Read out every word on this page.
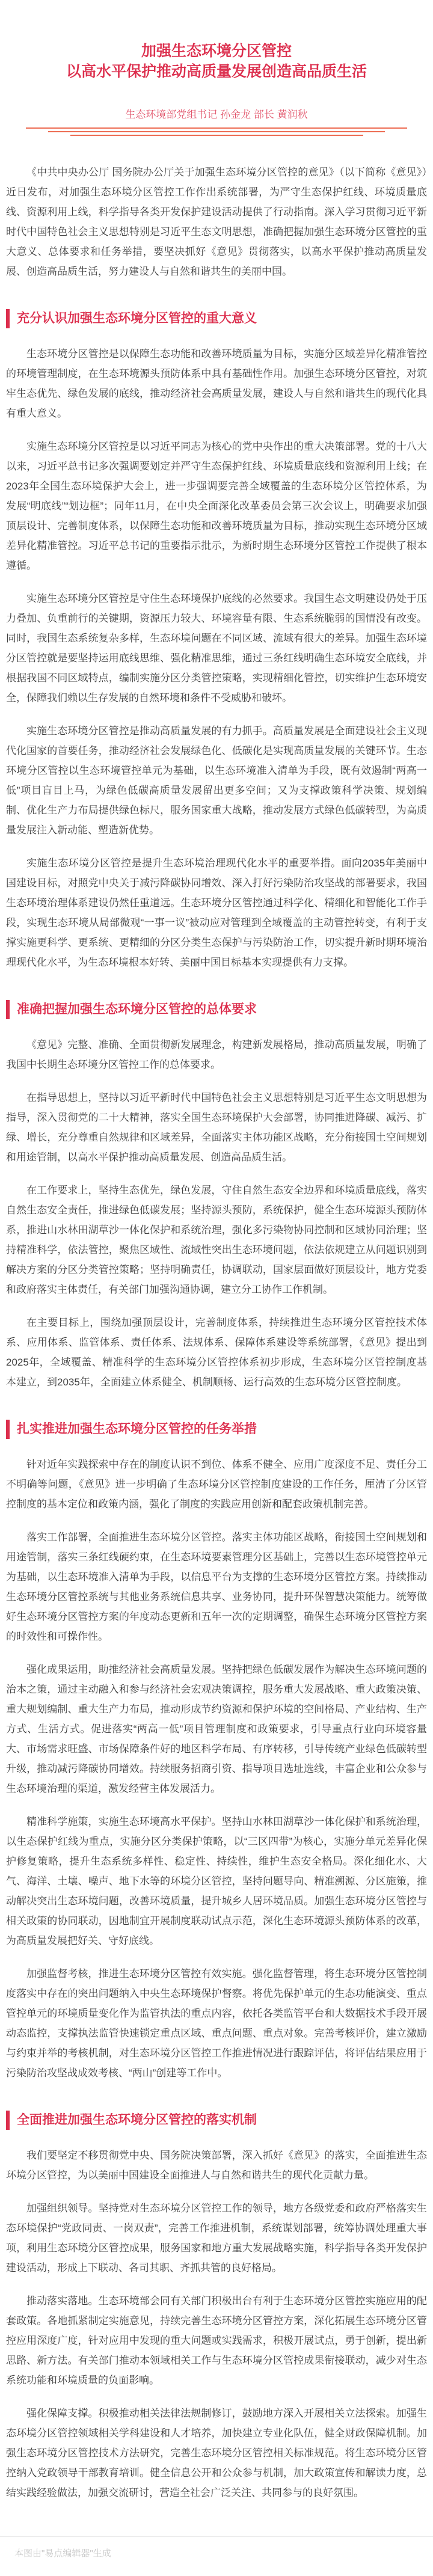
加强生态环境分区管控
以高水平保护推动高质量发展创造高品质生活
生态环境部党组书记 孙金龙 部长 黄润秋

《中共中央办公厅 国务院办公厅关于加强生态环境分区管控的意见》（以下简称《意见》）近日发布，对加强生态环境分区管控工作作出系统部署，为严守生态保护红线、环境质量底线、资源利用上线，科学指导各类开发保护建设活动提供了行动指南。深入学习贯彻习近平新时代中国特色社会主义思想特别是习近平生态文明思想，准确把握加强生态环境分区管控的重大意义、总体要求和任务举措，要坚决抓好《意见》贯彻落实，以高水平保护推动高质量发展、创造高品质生活，努力建设人与自然和谐共生的美丽中国。

充分认识加强生态环境分区管控的重大意义

生态环境分区管控是以保障生态功能和改善环境质量为目标，实施分区域差异化精准管控的环境管理制度，在生态环境源头预防体系中具有基础性作用。加强生态环境分区管控，对筑牢生态优先、绿色发展的底线，推动经济社会高质量发展，建设人与自然和谐共生的现代化具有重大意义。

实施生态环境分区管控是以习近平同志为核心的党中央作出的重大决策部署。党的十八大以来，习近平总书记多次强调要划定并严守生态保护红线、环境质量底线和资源利用上线；在2023年全国生态环境保护大会上，进一步强调要完善全域覆盖的生态环境分区管控体系，为发展“明底线”“划边框”；同年11月，在中央全面深化改革委员会第三次会议上，明确要求加强顶层设计、完善制度体系，以保障生态功能和改善环境质量为目标，推动实现生态环境分区域差异化精准管控。习近平总书记的重要指示批示，为新时期生态环境分区管控工作提供了根本遵循。

实施生态环境分区管控是守住生态环境保护底线的必然要求。我国生态文明建设仍处于压力叠加、负重前行的关键期，资源压力较大、环境容量有限、生态系统脆弱的国情没有改变。同时，我国生态系统复杂多样，生态环境问题在不同区域、流域有很大的差异。加强生态环境分区管控就是要坚持运用底线思维、强化精准思维，通过三条红线明确生态环境安全底线，并根据我国不同区域特点，编制实施分区分类管控策略，实现精细化管控，切实维护生态环境安全，保障我们赖以生存发展的自然环境和条件不受威胁和破坏。

实施生态环境分区管控是推动高质量发展的有力抓手。高质量发展是全面建设社会主义现代化国家的首要任务，推动经济社会发展绿色化、低碳化是实现高质量发展的关键环节。生态环境分区管控以生态环境管控单元为基础，以生态环境准入清单为手段，既有效遏制“两高一低”项目盲目上马，为绿色低碳高质量发展留出更多空间；又为支撑政策科学决策、规划编制、优化生产力布局提供绿色标尺，服务国家重大战略，推动发展方式绿色低碳转型，为高质量发展注入新动能、塑造新优势。

实施生态环境分区管控是提升生态环境治理现代化水平的重要举措。面向2035年美丽中国建设目标，对照党中央关于减污降碳协同增效、深入打好污染防治攻坚战的部署要求，我国生态环境治理体系建设仍然任重道远。生态环境分区管控通过科学化、精细化和智能化工作手段，实现生态环境从局部微观“一事一议”被动应对管理到全域覆盖的主动管控转变，有利于支撑实施更科学、更系统、更精细的分区分类生态保护与污染防治工作，切实提升新时期环境治理现代化水平，为生态环境根本好转、美丽中国目标基本实现提供有力支撑。

准确把握加强生态环境分区管控的总体要求

《意见》完整、准确、全面贯彻新发展理念，构建新发展格局，推动高质量发展，明确了我国中长期生态环境分区管控工作的总体要求。

在指导思想上，坚持以习近平新时代中国特色社会主义思想特别是习近平生态文明思想为指导，深入贯彻党的二十大精神，落实全国生态环境保护大会部署，协同推进降碳、减污、扩绿、增长，充分尊重自然规律和区域差异，全面落实主体功能区战略，充分衔接国土空间规划和用途管制，以高水平保护推动高质量发展、创造高品质生活。

在工作要求上，坚持生态优先，绿色发展，守住自然生态安全边界和环境质量底线，落实自然生态安全责任，推进绿色低碳发展；坚持源头预防，系统保护，健全生态环境源头预防体系，推进山水林田湖草沙一体化保护和系统治理，强化多污染物协同控制和区域协同治理；坚持精准科学，依法管控，聚焦区域性、流域性突出生态环境问题，依法依规建立从问题识别到解决方案的分区分类管控策略；坚持明确责任，协调联动，国家层面做好顶层设计，地方党委和政府落实主体责任，有关部门加强沟通协调，建立分工协作工作机制。

在主要目标上，围绕加强顶层设计，完善制度体系，持续推进生态环境分区管控技术体系、应用体系、监管体系、责任体系、法规体系、保障体系建设等系统部署，《意见》提出到2025年，全域覆盖、精准科学的生态环境分区管控体系初步形成，生态环境分区管控制度基本建立，到2035年，全面建立体系健全、机制顺畅、运行高效的生态环境分区管控制度。

扎实推进加强生态环境分区管控的任务举措

针对近年实践探索中存在的制度认识不到位、体系不健全、应用广度深度不足、责任分工不明确等问题，《意见》进一步明确了生态环境分区管控制度建设的工作任务，厘清了分区管控制度的基本定位和政策内涵，强化了制度的实践应用创新和配套政策机制完善。

落实工作部署，全面推进生态环境分区管控。落实主体功能区战略，衔接国土空间规划和用途管制，落实三条红线硬约束，在生态环境要素管理分区基础上，完善以生态环境管控单元为基础，以生态环境准入清单为手段，以信息平台为支撑的生态环境分区管控方案。持续推动生态环境分区管控系统与其他业务系统信息共享、业务协同，提升环保智慧决策能力。统筹做好生态环境分区管控方案的年度动态更新和五年一次的定期调整，确保生态环境分区管控方案的时效性和可操作性。

强化成果运用，助推经济社会高质量发展。坚持把绿色低碳发展作为解决生态环境问题的治本之策，通过主动融入和参与经济社会宏观决策调控，服务重大发展战略、重大政策决策、重大规划编制、重大生产力布局，推动形成节约资源和保护环境的空间格局、产业结构、生产方式、生活方式。促进落实“两高一低”项目管理制度和政策要求，引导重点行业向环境容量大、市场需求旺盛、市场保障条件好的地区科学布局、有序转移，引导传统产业绿色低碳转型升级，推动减污降碳协同增效。持续服务招商引资、指导项目选址选线，丰富企业和公众参与生态环境治理的渠道，激发经营主体发展活力。

精准科学施策，实施生态环境高水平保护。坚持山水林田湖草沙一体化保护和系统治理，以生态保护红线为重点，实施分区分类保护策略，以“三区四带”为核心，实施分单元差异化保护修复策略，提升生态系统多样性、稳定性、持续性，维护生态安全格局。深化细化水、大气、海洋、土壤、噪声、地下水等的环境分区管控，坚持问题导向、精准溯源、分区施策，推动解决突出生态环境问题，改善环境质量，提升城乡人居环境品质。加强生态环境分区管控与相关政策的协同联动，因地制宜开展制度联动试点示范，深化生态环境源头预防体系的改革，为高质量发展把好关、守好底线。

加强监督考核，推进生态环境分区管控有效实施。强化监督管理，将生态环境分区管控制度落实中存在的突出问题纳入中央生态环境保护督察。将优先保护单元的生态功能演变、重点管控单元的环境质量变化作为监管执法的重点内容，依托各类监管平台和大数据技术手段开展动态监控，支撑执法监管快速锁定重点区域、重点问题、重点对象。完善考核评价，建立激励与约束并举的考核机制，对生态环境分区管控工作推进情况进行跟踪评估，将评估结果应用于污染防治攻坚战成效考核、“两山”创建等工作中。

全面推进加强生态环境分区管控的落实机制

我们要坚定不移贯彻党中央、国务院决策部署，深入抓好《意见》的落实，全面推进生态环境分区管控，为以美丽中国建设全面推进人与自然和谐共生的现代化贡献力量。

加强组织领导。坚持党对生态环境分区管控工作的领导，地方各级党委和政府严格落实生态环境保护“党政同责、一岗双责”，完善工作推进机制，系统谋划部署，统筹协调处理重大事项，利用生态环境分区管控成果，服务国家和地方重大发展战略实施，科学指导各类开发保护建设活动，形成上下联动、各司其职、齐抓共管的良好格局。

推动落实落地。生态环境部会同有关部门积极出台有利于生态环境分区管控实施应用的配套政策。各地抓紧制定实施意见，持续完善生态环境分区管控方案，深化拓展生态环境分区管控应用深度广度，针对应用中发现的重大问题或实践需求，积极开展试点，勇于创新，提出新思路、新方法。有关部门推动本领域相关工作与生态环境分区管控成果衔接联动，减少对生态系统功能和环境质量的负面影响。

强化保障支撑。积极推动相关法律法规制修订，鼓励地方深入开展相关立法探索。加强生态环境分区管控领域相关学科建设和人才培养，加快建立专业化队伍，健全财政保障机制。加强生态环境分区管控技术方法研究，完善生态环境分区管控相关标准规范。将生态环境分区管控纳入党政领导干部教育培训。健全信息公开和公众参与机制，加大政策宣传和解读力度，总结实践经验做法，加强交流研讨，营造全社会广泛关注、共同参与的良好氛围。

本图由"易点编辑器"生成
